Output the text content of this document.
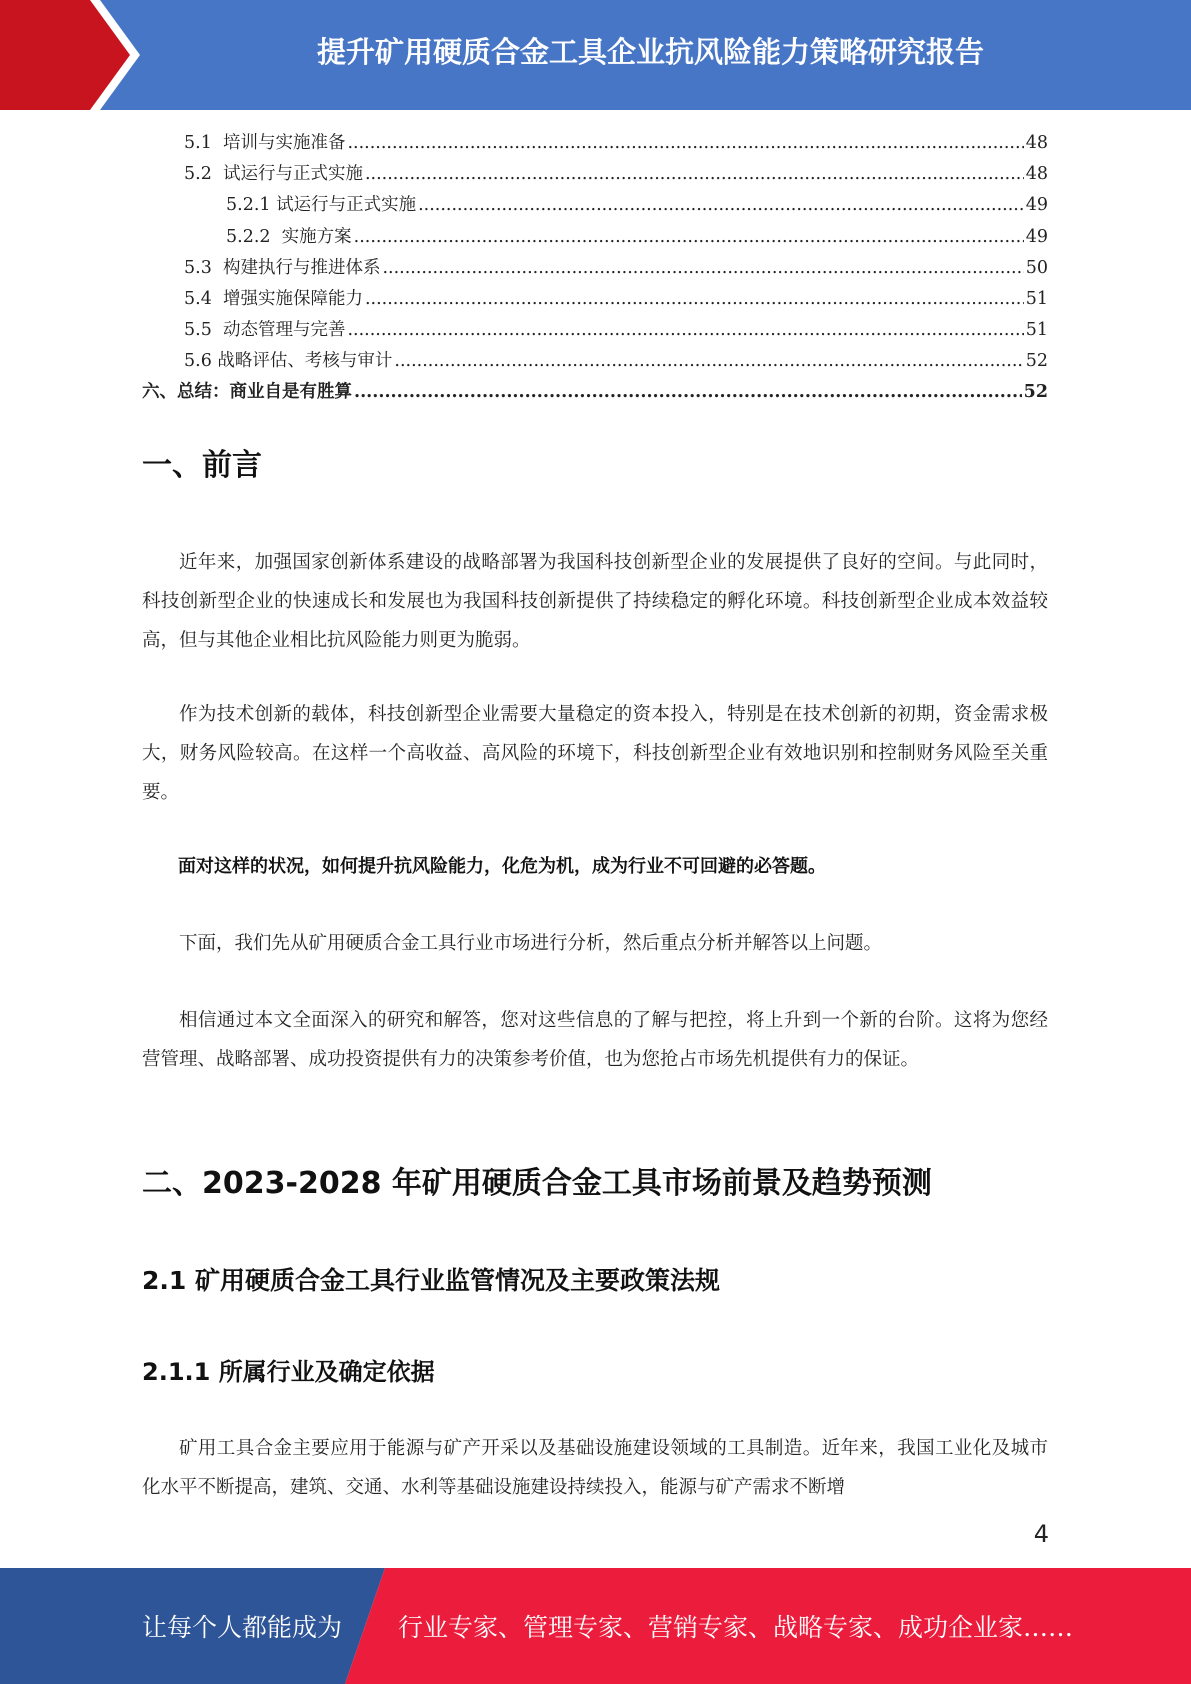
提升矿用硬质合金工具企业抗风险能力策略研究报告
5.1 培训与实施准备 .....	48
5.2 试运行与正式实施 .....	48
5.2.1 试运行与正式实施 .....	49
5.2.2 实施方案 .....	49
5.3 构建执行与推进体系 .....	50
5.4 增强实施保障能力 .....	51
5.5 动态管理与完善 .....	51
5.6 战略评估、考核与审计 .....	52
六、总结：商业自是有胜算 .....	52
一、前言

近年来，加强国家创新体系建设的战略部署为我国科技创新型企业的发展提供了良好的空间。与此同时，科技创新型企业的快速成长和发展也为我国科技创新提供了持续稳定的孵化环境。科技创新型企业成本效益较高，但与其他企业相比抗风险能力则更为脆弱。

作为技术创新的载体，科技创新型企业需要大量稳定的资本投入，特别是在技术创新的初期，资金需求极大，财务风险较高。在这样一个高收益、高风险的环境下，科技创新型企业有效地识别和控制财务风险至关重要。

面对这样的状况，如何提升抗风险能力，化危为机，成为行业不可回避的必答题。

下面，我们先从矿用硬质合金工具行业市场进行分析，然后重点分析并解答以上问题。

相信通过本文全面深入的研究和解答，您对这些信息的了解与把控，将上升到一个新的台阶。这将为您经营管理、战略部署、成功投资提供有力的决策参考价值，也为您抢占市场先机提供有力的保证。

二、2023-2028 年矿用硬质合金工具市场前景及趋势预测
2.1 矿用硬质合金工具行业监管情况及主要政策法规
2.1.1 所属行业及确定依据

矿用工具合金主要应用于能源与矿产开采以及基础设施建设领域的工具制造。近年来，我国工业化及城市化水平不断提高，建筑、交通、水利等基础设施建设持续投入，能源与矿产需求不断增

4
让每个人都能成为 行业专家、管理专家、营销专家、战略专家、成功企业家……
